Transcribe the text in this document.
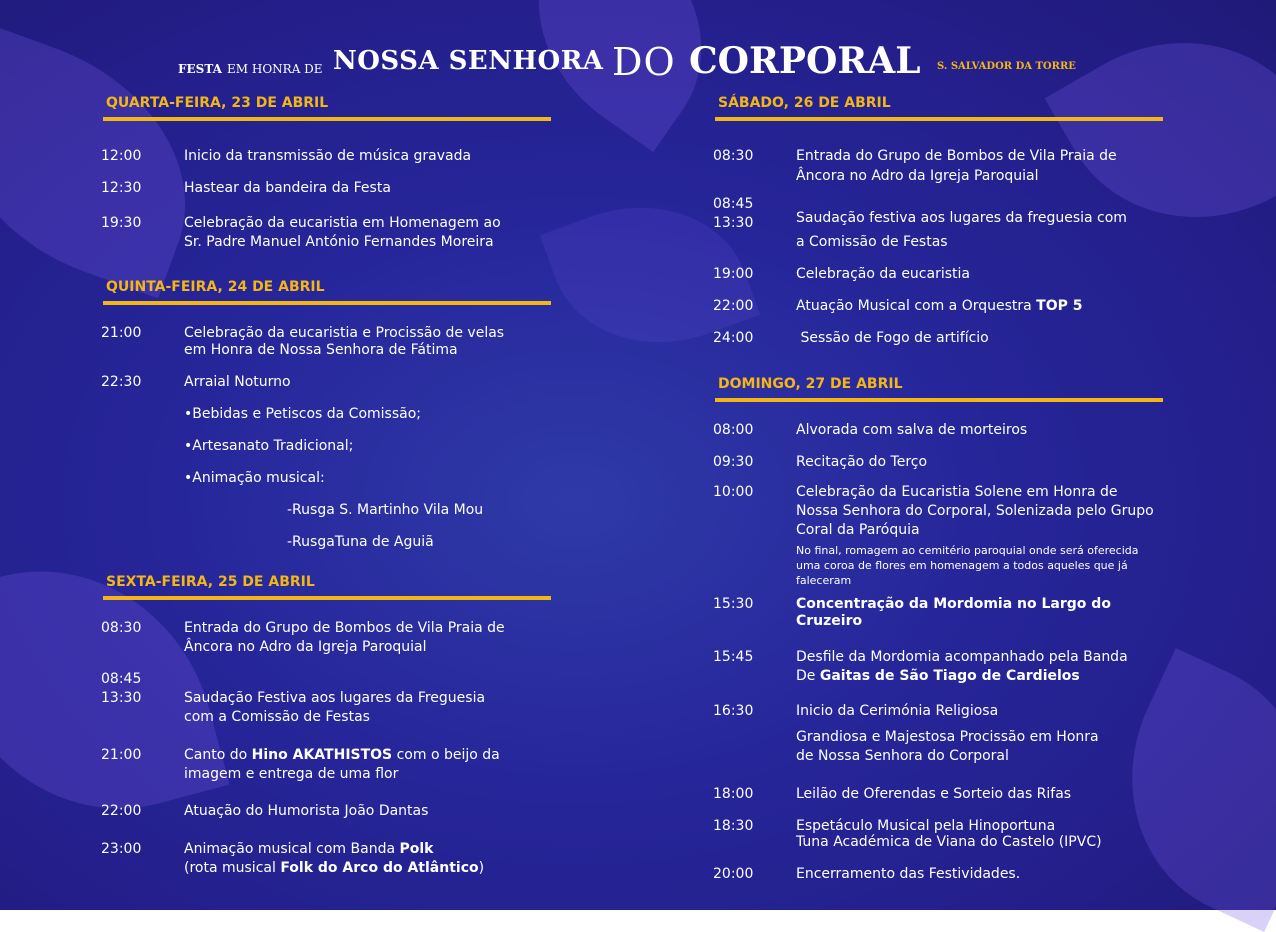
FESTA EM HONRA DE NOSSA SENHORA DO CORPORAL S. SALVADOR DA TORRE
QUARTA-FEIRA, 23 DE ABRIL
12:00	Inicio da transmissão de música gravada
12:30	Hastear da bandeira da Festa
19:30	Celebração da eucaristia em Homenagem ao
Sr. Padre Manuel António Fernandes Moreira
QUINTA-FEIRA, 24 DE ABRIL
21:00	Celebração da eucaristia e Procissão de velas
em Honra de Nossa Senhora de Fátima
22:30	Arraial Noturno
•Bebidas e Petiscos da Comissão;
•Artesanato Tradicional;
•Animação musical:
-Rusga S. Martinho Vila Mou
-RusgaTuna de Aguiã
SEXTA-FEIRA, 25 DE ABRIL
08:30	Entrada do Grupo de Bombos de Vila Praia de
Âncora no Adro da Igreja Paroquial
08:45
13:30	Saudação Festiva aos lugares da Freguesia
com a Comissão de Festas
21:00	Canto do Hino AKATHISTOS com o beijo da
imagem e entrega de uma flor
22:00	Atuação do Humorista João Dantas
23:00	Animação musical com Banda Polk
(rota musical Folk do Arco do Atlântico)
SÁBADO, 26 DE ABRIL
08:30	Entrada do Grupo de Bombos de Vila Praia de
Âncora no Adro da Igreja Paroquial
08:45
13:30	Saudação festiva aos lugares da freguesia com
a Comissão de Festas
19:00	Celebração da eucaristia
22:00	Atuação Musical com a Orquestra TOP 5
24:00	Sessão de Fogo de artifício
DOMINGO, 27 DE ABRIL
08:00	Alvorada com salva de morteiros
09:30	Recitação do Terço
10:00	Celebração da Eucaristia Solene em Honra de
Nossa Senhora do Corporal, Solenizada pelo Grupo
Coral da Paróquia
No final, romagem ao cemitério paroquial onde será oferecida
uma coroa de flores em homenagem a todos aqueles que já
faleceram
15:30	Concentração da Mordomia no Largo do
Cruzeiro
15:45	Desfile da Mordomia acompanhado pela Banda
De Gaitas de São Tiago de Cardielos
16:30	Inicio da Cerimónia Religiosa
Grandiosa e Majestosa Procissão em Honra
de Nossa Senhora do Corporal
18:00	Leilão de Oferendas e Sorteio das Rifas
18:30	Espetáculo Musical pela Hinoportuna
Tuna Académica de Viana do Castelo (IPVC)
20:00	Encerramento das Festividades.
